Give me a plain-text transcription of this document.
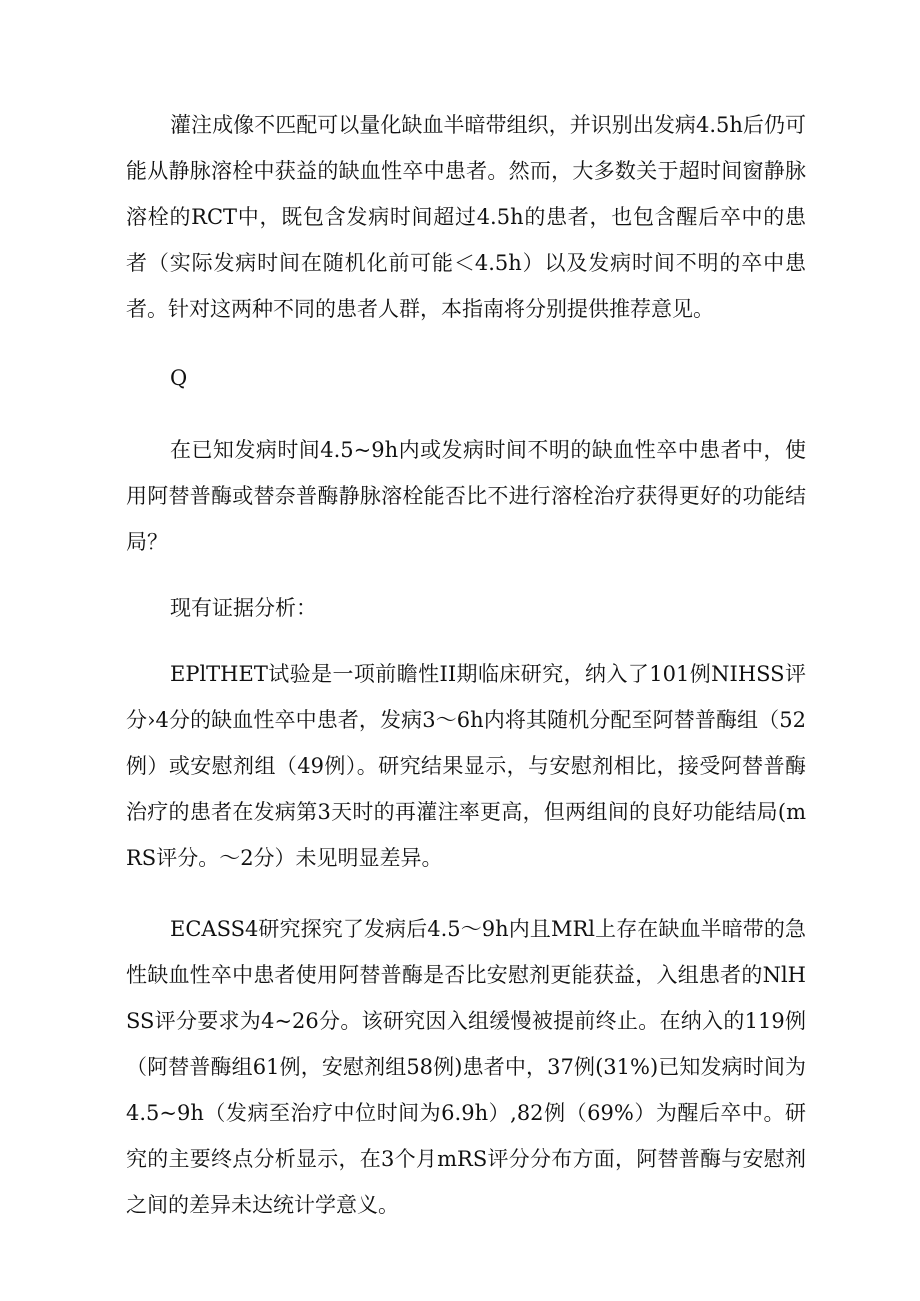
灌注成像不匹配可以量化缺血半暗带组织，并识别出发病4.5h后仍可能从静脉溶栓中获益的缺血性卒中患者。然而，大多数关于超时间窗静脉溶栓的RCT中，既包含发病时间超过4.5h的患者，也包含醒后卒中的患者（实际发病时间在随机化前可能＜4.5h）以及发病时间不明的卒中患者。针对这两种不同的患者人群，本指南将分别提供推荐意见。

Q

在已知发病时间4.5~9h内或发病时间不明的缺血性卒中患者中，使用阿替普酶或替奈普酶静脉溶栓能否比不进行溶栓治疗获得更好的功能结局？

现有证据分析：

EPlTHET试验是一项前瞻性II期临床研究，纳入了101例NIHSS评分›4分的缺血性卒中患者，发病3～6h内将其随机分配至阿替普酶组（52例）或安慰剂组（49例）。研究结果显示，与安慰剂相比，接受阿替普酶治疗的患者在发病第3天时的再灌注率更高，但两组间的良好功能结局(mRS评分。～2分）未见明显差异。

ECASS4研究探究了发病后4.5～9h内且MRl上存在缺血半暗带的急性缺血性卒中患者使用阿替普酶是否比安慰剂更能获益，入组患者的NlHSS评分要求为4~26分。该研究因入组缓慢被提前终止。在纳入的119例（阿替普酶组61例，安慰剂组58例)患者中，37例(31%)已知发病时间为4.5~9h（发病至治疗中位时间为6.9h）,82例（69%）为醒后卒中。研究的主要终点分析显示，在3个月mRS评分分布方面，阿替普酶与安慰剂之间的差异未达统计学意义。
